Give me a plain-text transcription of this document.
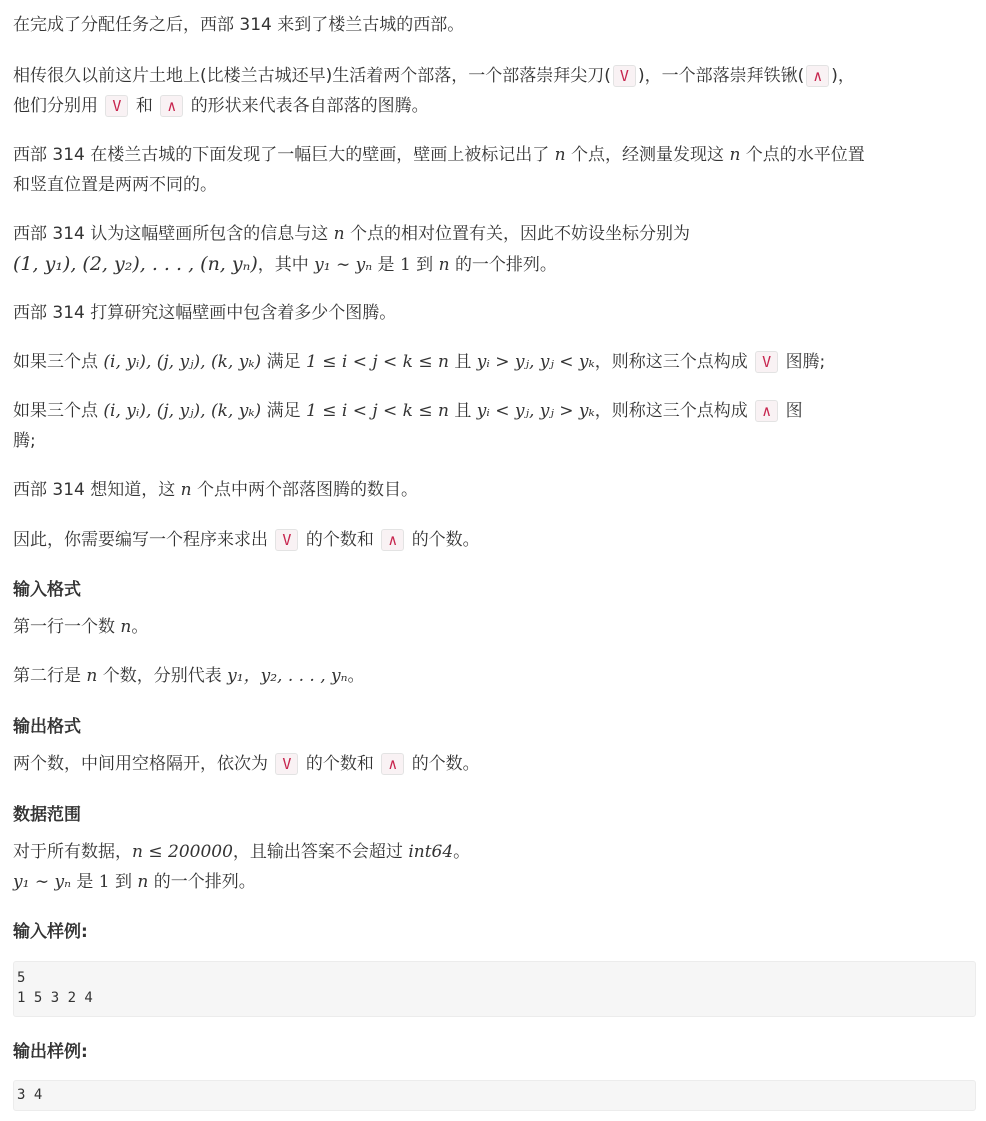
在完成了分配任务之后，西部 314 来到了楼兰古城的西部。
相传很久以前这片土地上(比楼兰古城还早)生活着两个部落，一个部落崇拜尖刀( V )，一个部落崇拜铁锹( ∧ )，
他们分别用 V 和 ∧ 的形状来代表各自部落的图腾。
西部 314 在楼兰古城的下面发现了一幅巨大的壁画，壁画上被标记出了 n 个点，经测量发现这 n 个点的水平位置
和竖直位置是两两不同的。
西部 314 认为这幅壁画所包含的信息与这 n 个点的相对位置有关，因此不妨设坐标分别为
(1, y₁), (2, y₂), . . . , (n, yₙ)，其中 y₁ ∼ yₙ 是 1 到 n 的一个排列。
西部 314 打算研究这幅壁画中包含着多少个图腾。
如果三个点 (i, yᵢ), (j, yⱼ), (k, yₖ) 满足 1 ≤ i < j < k ≤ n 且 yᵢ > yⱼ, yⱼ < yₖ，则称这三个点构成 V 图腾;
如果三个点 (i, yᵢ), (j, yⱼ), (k, yₖ) 满足 1 ≤ i < j < k ≤ n 且 yᵢ < yⱼ, yⱼ > yₖ，则称这三个点构成 ∧ 图
腾;
西部 314 想知道，这 n 个点中两个部落图腾的数目。
因此，你需要编写一个程序来求出 V 的个数和 ∧ 的个数。
输入格式
第一行一个数 n。
第二行是 n 个数，分别代表 y₁，y₂, . . . , yₙ。
输出格式
两个数，中间用空格隔开，依次为 V 的个数和 ∧ 的个数。
数据范围
对于所有数据，n ≤ 200000，且输出答案不会超过 int64。
y₁ ∼ yₙ 是 1 到 n 的一个排列。
输入样例:
5
1 5 3 2 4
输出样例:
3 4
